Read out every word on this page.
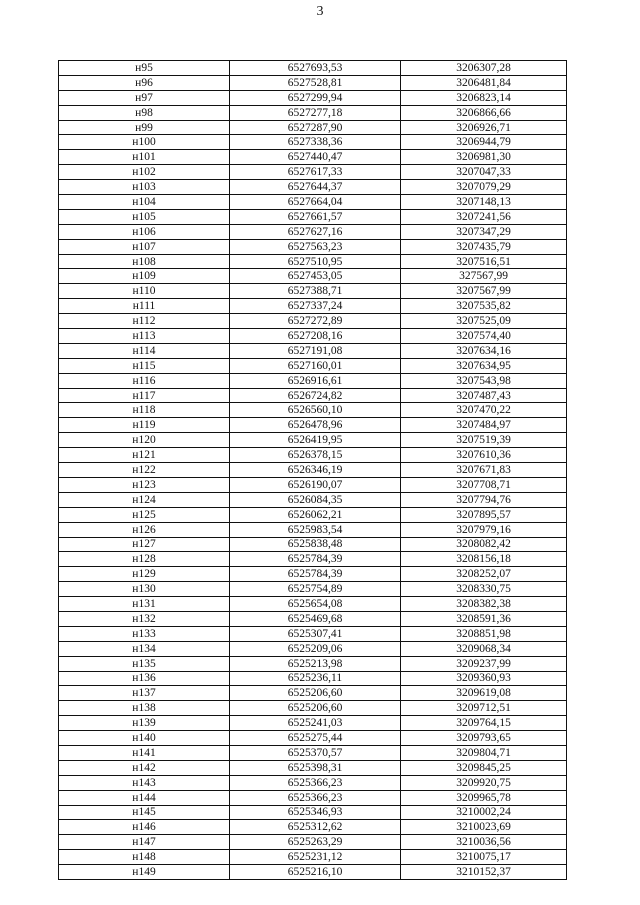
3
н95	6527693,53	3206307,28
н96	6527528,81	3206481,84
н97	6527299,94	3206823,14
н98	6527277,18	3206866,66
н99	6527287,90	3206926,71
н100	6527338,36	3206944,79
н101	6527440,47	3206981,30
н102	6527617,33	3207047,33
н103	6527644,37	3207079,29
н104	6527664,04	3207148,13
н105	6527661,57	3207241,56
н106	6527627,16	3207347,29
н107	6527563,23	3207435,79
н108	6527510,95	3207516,51
н109	6527453,05	327567,99
н110	6527388,71	3207567,99
н111	6527337,24	3207535,82
н112	6527272,89	3207525,09
н113	6527208,16	3207574,40
н114	6527191,08	3207634,16
н115	6527160,01	3207634,95
н116	6526916,61	3207543,98
н117	6526724,82	3207487,43
н118	6526560,10	3207470,22
н119	6526478,96	3207484,97
н120	6526419,95	3207519,39
н121	6526378,15	3207610,36
н122	6526346,19	3207671,83
н123	6526190,07	3207708,71
н124	6526084,35	3207794,76
н125	6526062,21	3207895,57
н126	6525983,54	3207979,16
н127	6525838,48	3208082,42
н128	6525784,39	3208156,18
н129	6525784,39	3208252,07
н130	6525754,89	3208330,75
н131	6525654,08	3208382,38
н132	6525469,68	3208591,36
н133	6525307,41	3208851,98
н134	6525209,06	3209068,34
н135	6525213,98	3209237,99
н136	6525236,11	3209360,93
н137	6525206,60	3209619,08
н138	6525206,60	3209712,51
н139	6525241,03	3209764,15
н140	6525275,44	3209793,65
н141	6525370,57	3209804,71
н142	6525398,31	3209845,25
н143	6525366,23	3209920,75
н144	6525366,23	3209965,78
н145	6525346,93	3210002,24
н146	6525312,62	3210023,69
н147	6525263,29	3210036,56
н148	6525231,12	3210075,17
н149	6525216,10	3210152,37
